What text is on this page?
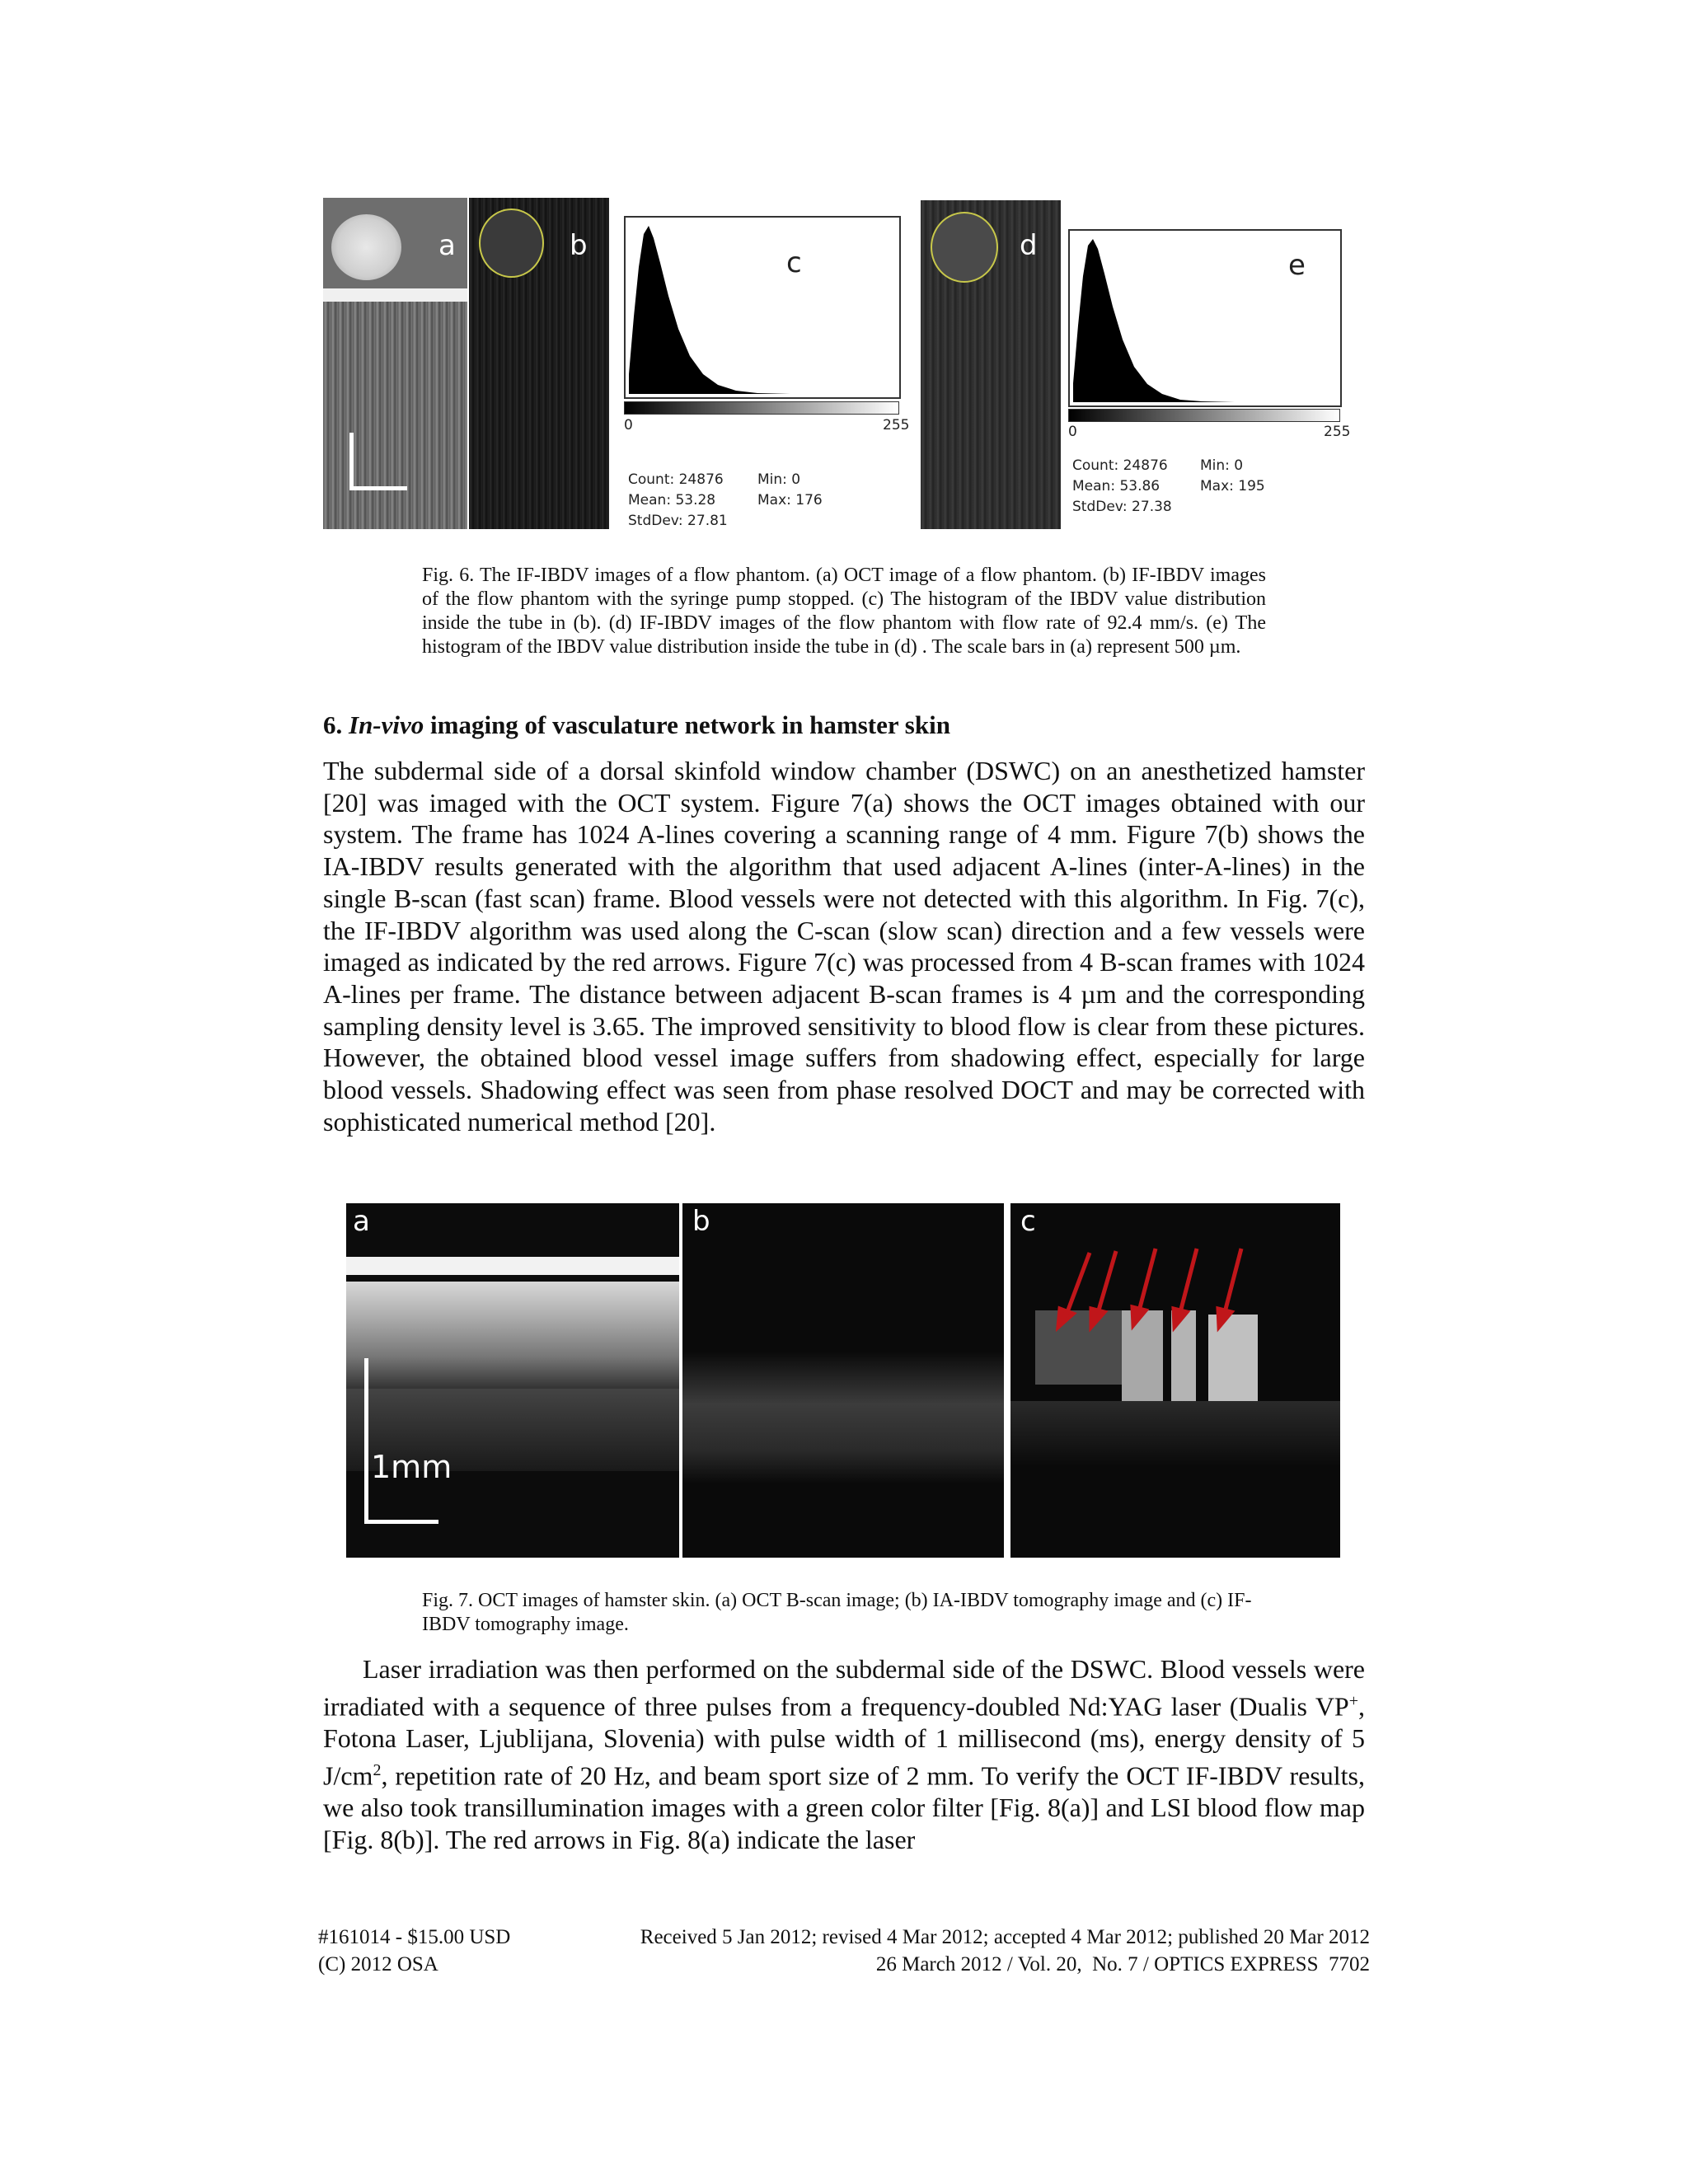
a	b
c
0	255
Count: 24876
Mean: 53.28
StdDev: 27.81
Min: 0
Max: 176
d
e
0	255
Count: 24876
Mean: 53.86
StdDev: 27.38
Min: 0
Max: 195
Fig. 6. The IF-IBDV images of a flow phantom. (a) OCT image of a flow phantom. (b) IF-IBDV images of the flow phantom with the syringe pump stopped. (c) The histogram of the IBDV value distribution inside the tube in (b). (d) IF-IBDV images of the flow phantom with flow rate of 92.4 mm/s. (e) The histogram of the IBDV value distribution inside the tube in (d) . The scale bars in (a) represent 500 µm.
6. In-vivo imaging of vasculature network in hamster skin
The subdermal side of a dorsal skinfold window chamber (DSWC) on an anesthetized hamster [20] was imaged with the OCT system. Figure 7(a) shows the OCT images obtained with our system. The frame has 1024 A-lines covering a scanning range of 4 mm. Figure 7(b) shows the IA-IBDV results generated with the algorithm that used adjacent A-lines (inter-A-lines) in the single B-scan (fast scan) frame. Blood vessels were not detected with this algorithm. In Fig. 7(c), the IF-IBDV algorithm was used along the C-scan (slow scan) direction and a few vessels were imaged as indicated by the red arrows. Figure 7(c) was processed from 4 B-scan frames with 1024 A-lines per frame. The distance between adjacent B-scan frames is 4 µm and the corresponding sampling density level is 3.65. The improved sensitivity to blood flow is clear from these pictures. However, the obtained blood vessel image suffers from shadowing effect, especially for large blood vessels. Shadowing effect was seen from phase resolved DOCT and may be corrected with sophisticated numerical method [20].
a
1mm
b	c
Fig. 7. OCT images of hamster skin. (a) OCT B-scan image; (b) IA-IBDV tomography image and (c) IF-IBDV tomography image.
Laser irradiation was then performed on the subdermal side of the DSWC. Blood vessels were irradiated with a sequence of three pulses from a frequency-doubled Nd:YAG laser (Dualis VP+, Fotona Laser, Ljublijana, Slovenia) with pulse width of 1 millisecond (ms), energy density of 5 $J/cm^2$, repetition rate of 20 Hz, and beam sport size of 2 mm. To verify the OCT IF-IBDV results, we also took transillumination images with a green color filter [Fig. 8(a)] and LSI blood flow map [Fig. 8(b)]. The red arrows in Fig. 8(a) indicate the laser
#161014 - $15.00 USD
(C) 2012 OSA
Received 5 Jan 2012; revised 4 Mar 2012; accepted 4 Mar 2012; published 20 Mar 2012
26 March 2012 / Vol. 20,  No. 7 / OPTICS EXPRESS  7702
